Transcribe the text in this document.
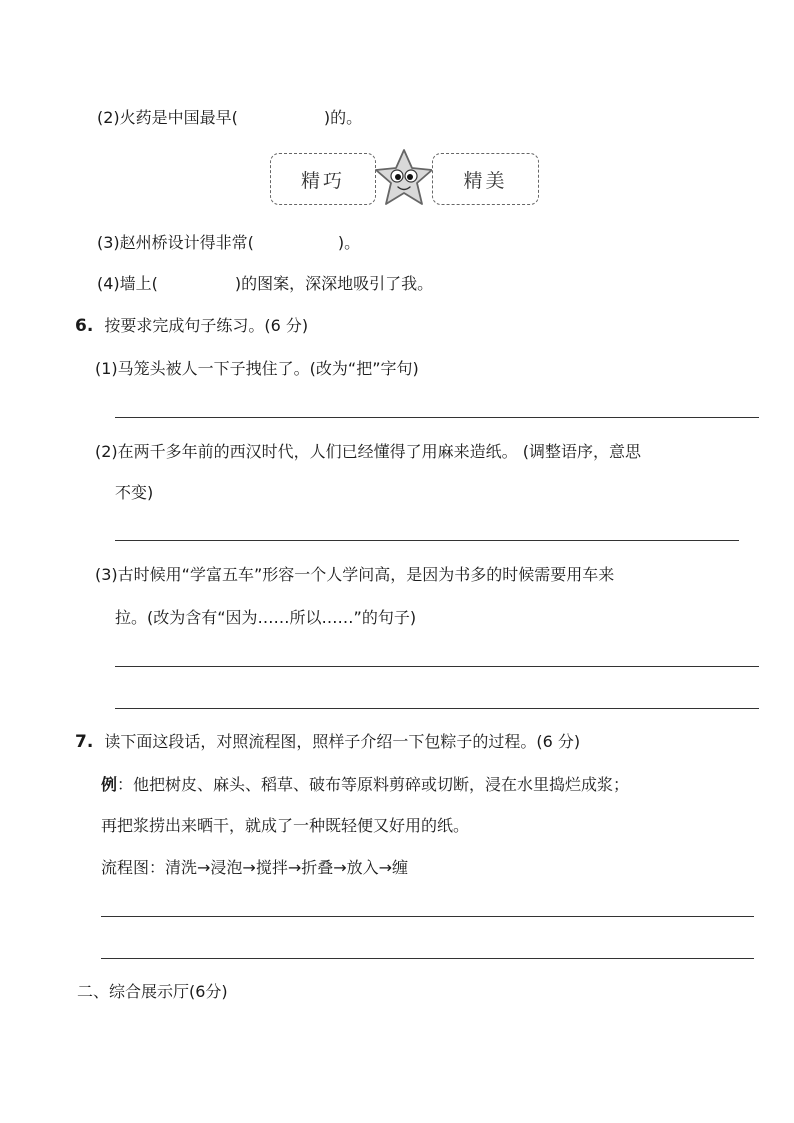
(2)火药是中国最早(	)的。
精巧	精美
(3)赵州桥设计得非常(	)。
(4)墙上(	)的图案，深深地吸引了我。
6. 按要求完成句子练习。(6 分)
(1)马笼头被人一下子拽住了。(改为“把”字句)
(2)在两千多年前的西汉时代，人们已经懂得了用麻来造纸。 (调整语序，意思
不变)
(3)古时候用“学富五车”形容一个人学问高，是因为书多的时候需要用车来
拉。(改为含有“因为……所以……”的句子)
7. 读下面这段话，对照流程图，照样子介绍一下包粽子的过程。(6 分)
例：他把树皮、麻头、稻草、破布等原料剪碎或切断，浸在水里捣烂成浆；
再把浆捞出来晒干，就成了一种既轻便又好用的纸。
流程图：清洗→浸泡→搅拌→折叠→放入→缠
二、综合展示厅(6分)
